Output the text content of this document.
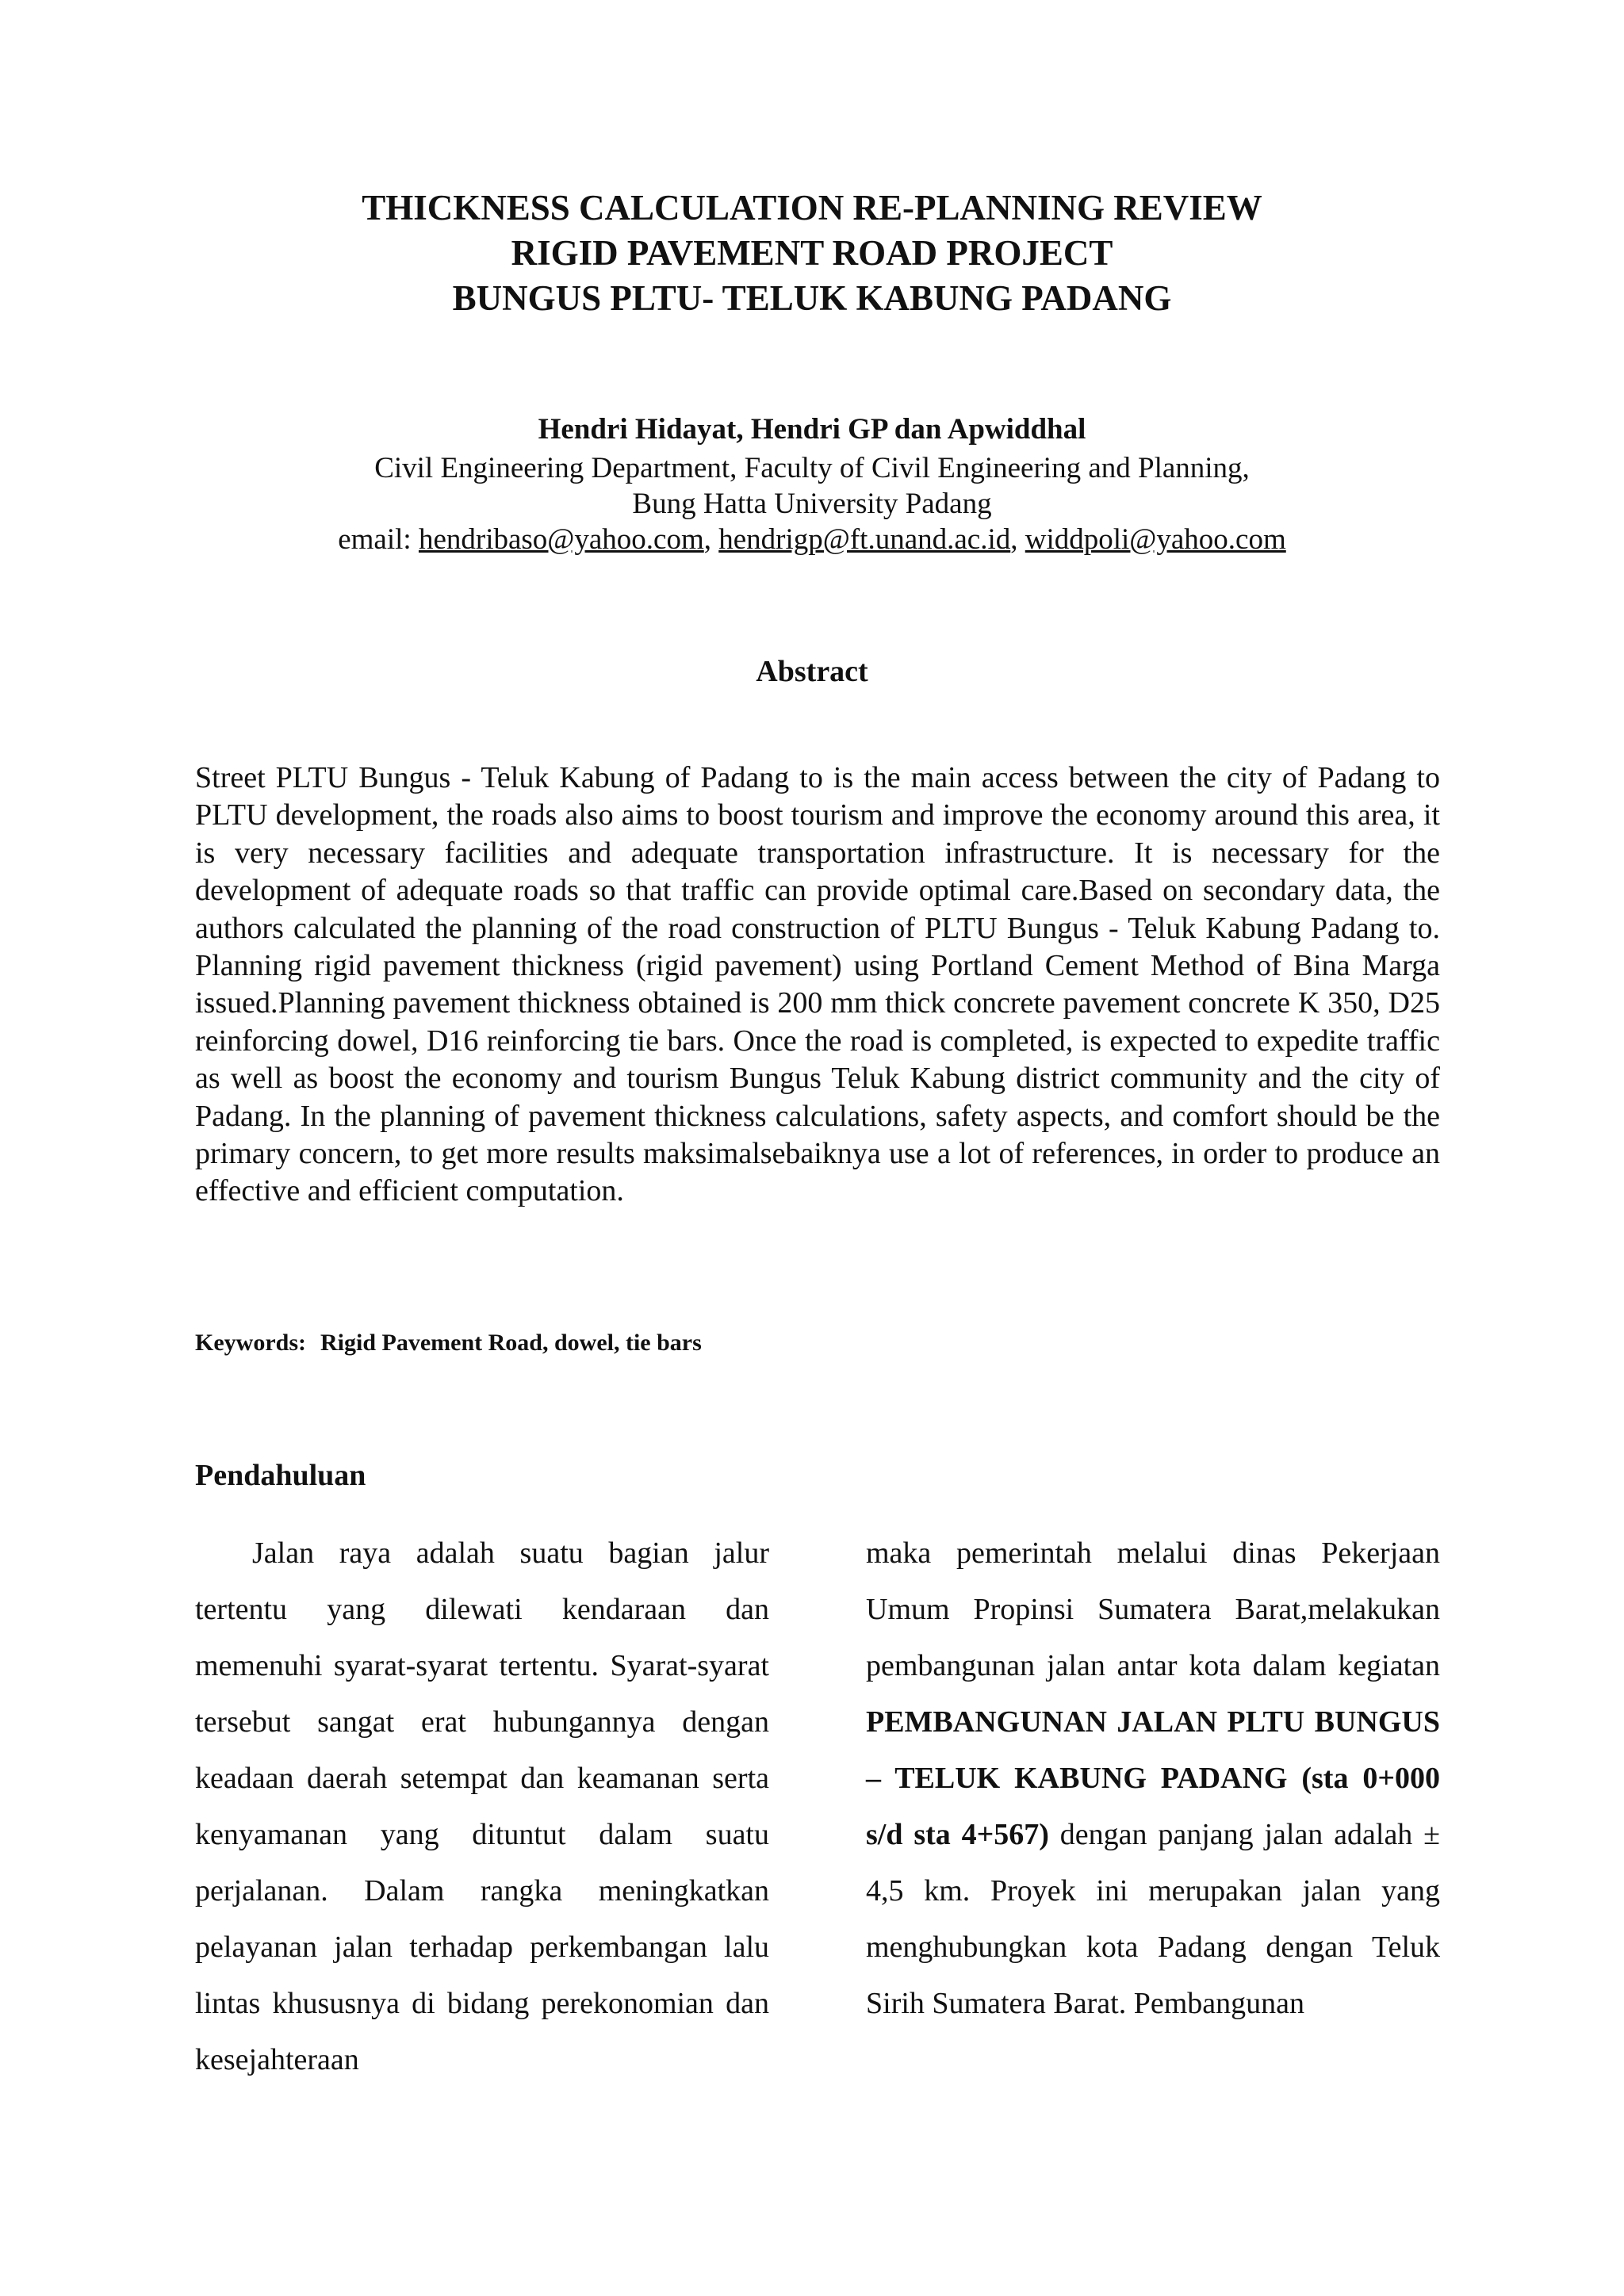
THICKNESS CALCULATION RE-PLANNING REVIEW
RIGID PAVEMENT ROAD PROJECT
BUNGUS PLTU- TELUK KABUNG PADANG
Hendri Hidayat, Hendri GP dan Apwiddhal
Civil Engineering Department, Faculty of Civil Engineering and Planning,
Bung Hatta University Padang
email: hendribaso@yahoo.com, hendrigp@ft.unand.ac.id, widdpoli@yahoo.com
Abstract

Street PLTU Bungus - Teluk Kabung of Padang to is the main access between the city of Padang to PLTU development, the roads also aims to boost tourism and improve the economy around this area, it is very necessary facilities and adequate transportation infrastructure. It is necessary for the development of adequate roads so that traffic can provide optimal care.Based on secondary data, the authors calculated the planning of the road construction of PLTU Bungus - Teluk Kabung Padang to. Planning rigid pavement thickness (rigid pavement) using Portland Cement Method of Bina Marga issued.Planning pavement thickness obtained is 200 mm thick concrete pavement concrete K 350, D25 reinforcing dowel, D16 reinforcing tie bars. Once the road is completed, is expected to expedite traffic as well as boost the economy and tourism Bungus Teluk Kabung district community and the city of Padang. In the planning of pavement thickness calculations, safety aspects, and comfort should be the primary concern, to get more results maksimalsebaiknya use a lot of references, in order to produce an effective and efficient computation.

Keywords: Rigid Pavement Road, dowel, tie bars
Pendahuluan

Jalan raya adalah suatu bagian jalur tertentu yang dilewati kendaraan dan memenuhi syarat-syarat tertentu. Syarat-syarat tersebut sangat erat hubungannya dengan keadaan daerah setempat dan keamanan serta kenyamanan yang dituntut dalam suatu perjalanan. Dalam rangka meningkatkan pelayanan jalan terhadap perkembangan lalu lintas khususnya di bidang perekonomian dan kesejahteraan

maka pemerintah melalui dinas Pekerjaan Umum Propinsi Sumatera Barat,melakukan pembangunan jalan antar kota dalam kegiatan PEMBANGUNAN JALAN PLTU BUNGUS – TELUK KABUNG PADANG (sta 0+000 s/d sta 4+567) dengan panjang jalan adalah ± 4,5 km. Proyek ini merupakan jalan yang menghubungkan kota Padang dengan Teluk Sirih Sumatera Barat. Pembangunan
